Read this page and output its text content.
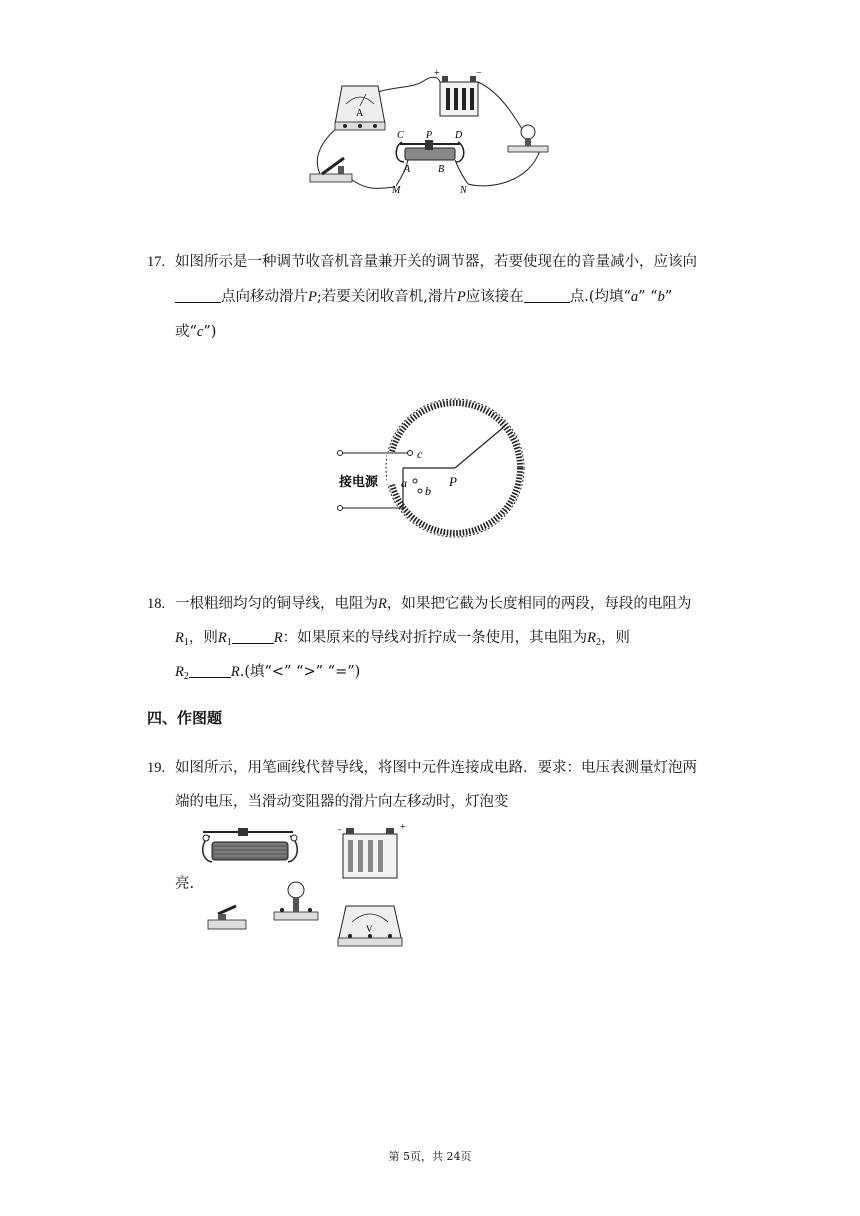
A
+	−
C P D
A	B
M	N
17. 如图所示是一种调节收音机音量兼开关的调节器，若要使现在的音量减小，应该向
点向移动滑片P;若要关闭收音机,滑片P应该接在	点.(均填“a” “b”
或“c”)
接电源
c
a
b
P
18. 一根粗细均匀的铜导线，电阻为R，如果把它截为长度相同的两段，每段的电阻为
$R_1$，则$R_1$	R：如果原来的导线对折拧成一条使用，其电阻为$R_2$，则
$R_2$	R.(填“<” “>” “=”)
四、作图题
19. 如图所示，用笔画线代替导线，将图中元件连接成电路．要求：电压表测量灯泡两
端的电压，当滑动变阻器的滑片向左移动时，灯泡变
亮.
-	+
V
第 5页，共 24页
